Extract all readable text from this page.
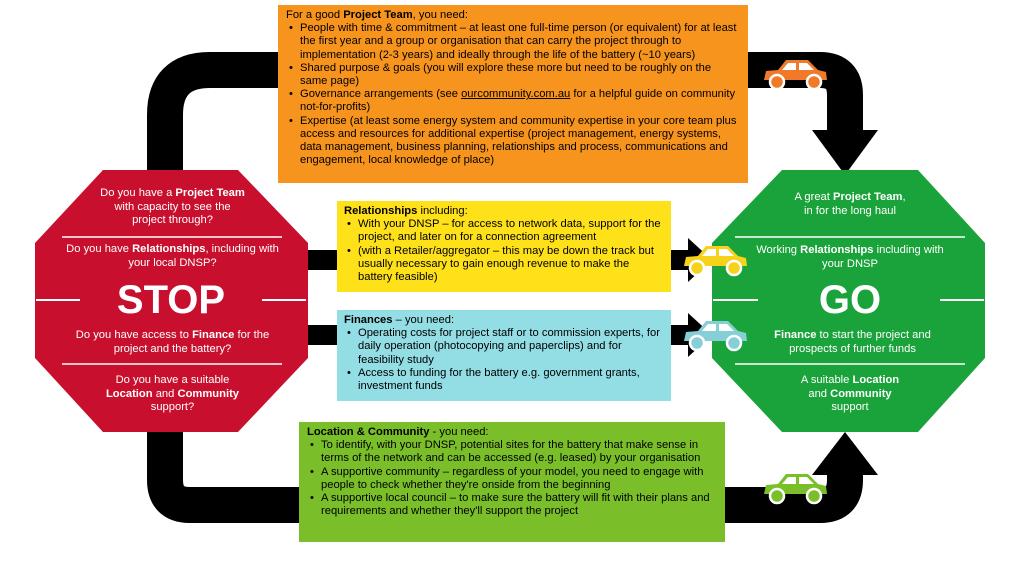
Do you have a Project Team with capacity to see the project through?
Do you have Relationships, including with your local DNSP?
STOP
Do you have access to Finance for the project and the battery?
Do you have a suitable Location and Community support?
A great Project Team,
in for the long haul
Working Relationships including with your DNSP
GO
Finance to start the project and prospects of further funds
A suitable Location
and Community
support
For a good Project Team, you need:
• People with time & commitment – at least one full-time person (or equivalent) for at least the first year and a group or organisation that can carry the project through to implementation (2-3 years) and ideally through the life of the battery (~10 years)
• Shared purpose & goals (you will explore these more but need to be roughly on the same page)
• Governance arrangements (see ourcommunity.com.au for a helpful guide on community not-for-profits)
• Expertise (at least some energy system and community expertise in your core team plus access and resources for additional expertise (project management, energy systems, data management, business planning, relationships and process, communications and engagement, local knowledge of place)
Relationships including:
• With your DNSP – for access to network data, support for the project, and later on for a connection agreement
• (with a Retailer/aggregator – this may be down the track but usually necessary to gain enough revenue to make the battery feasible)
Finances – you need:
• Operating costs for project staff or to commission experts, for daily operation (photocopying and paperclips) and for feasibility study
• Access to funding for the battery e.g. government grants, investment funds
Location & Community - you need:
• To identify, with your DNSP, potential sites for the battery that make sense in terms of the network and can be accessed (e.g. leased) by your organisation
• A supportive community – regardless of your model, you need to engage with people to check whether they're onside from the beginning
• A supportive local council – to make sure the battery will fit with their plans and requirements and whether they'll support the project
